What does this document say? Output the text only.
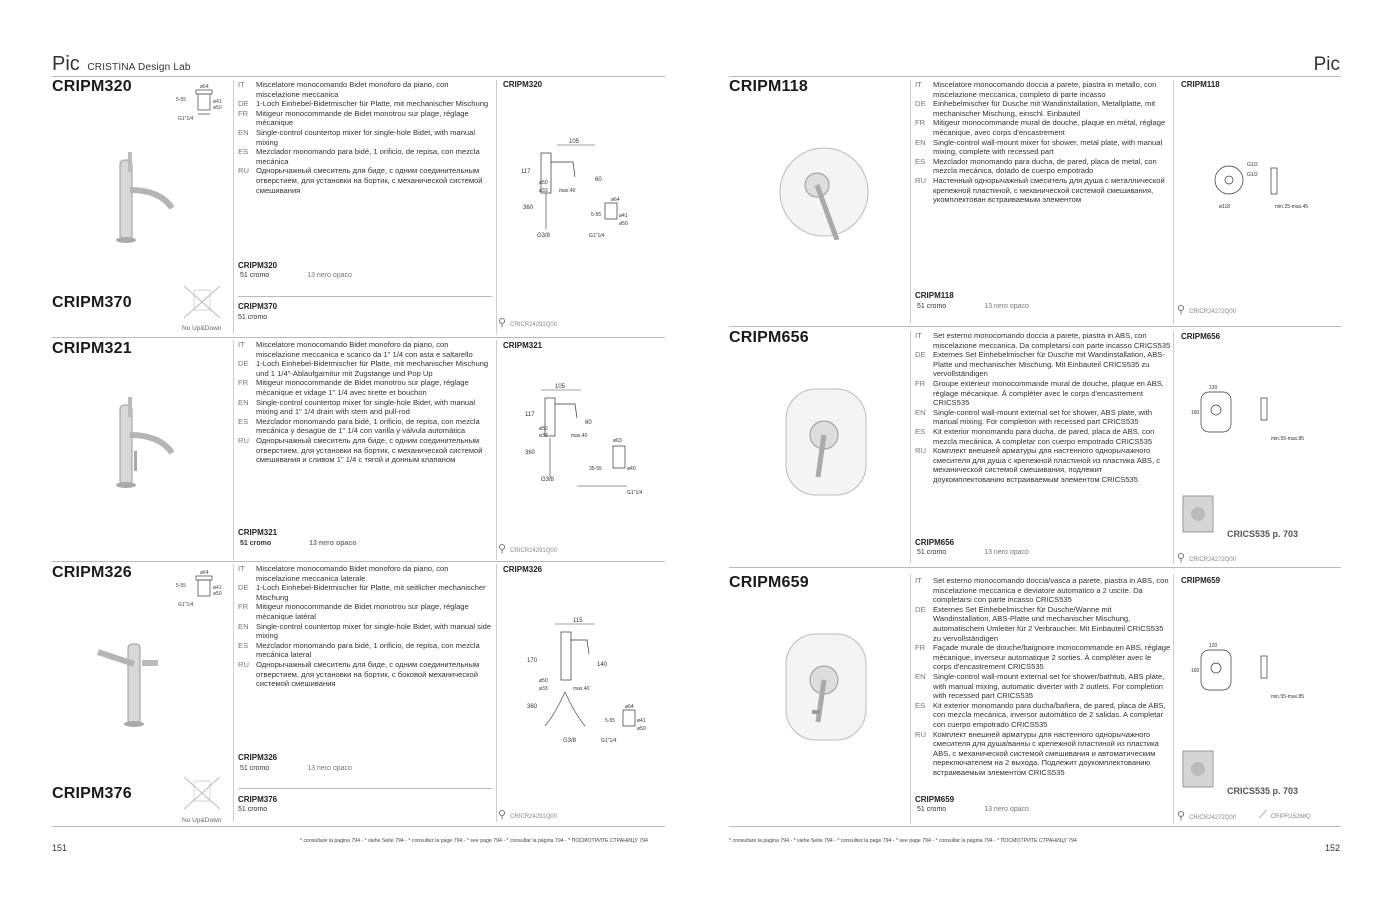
Pic CRISTINA Design Lab
CRIPM320	ø64
5-55	ø41
ø50
G1"1/4
IT	Miscelatore monocomando Bidet monoforo da piano, con miscelazione meccanica
DE 1-Loch Einhebel-Bidetmischer für Platte, mit mechanischer Mischung
FR	Mitigeur monocommande de Bidet monotrou sur plage, réglage mécanique
EN Single-control countertop mixer for single-hole Bidet, with manual mixing
ES	Mezclador monomando para bidé, 1 orificio, de repisa, con mezcla mecánica
RU Однорычажный смеситель для биде, с одним соединительным отверстием, для установки на бортик, с механической системой смешивания
CRIPM320
51 cromo	13 nero opaco
CRIPM320
105
117
60
ø50
ø33 max.40
360
G3/8
ø64
5-55	ø41
ø50
G1"1/4
CRIPM370
No Up&Down
CRIPM370
51 cromo	⚲ CRICR24291Q00
CRIPM321	IT	Miscelatore monocomando Bidet monoforo da piano, con miscelazione meccanica e scarico da 1" 1/4 con asta e saltarello
DE 1-Loch Einhebel-Bidetmischer für Platte, mit mechanischer Mischung und 1 1/4"-Ablaufgarnitur mit Zugstange und Pop Up
FR	Mitigeur monocommande de Bidet monotrou sur plage, réglage mécanique et vidage 1" 1/4 avec tirette et bouchon
EN Single-control countertop mixer for single-hole Bidet, with manual mixing and 1" 1/4 drain with stem and pull-rod
ES	Mezclador monomando para bidé, 1 orificio, de repisa, con mezcla mecánica y desagüe de 1" 1/4 con varilla y válvula automática
RU Однорычажный смеситель для биде, с одним соединительным отверстием, для установки на бортик, с механической системой смешивания и сливом 1" 1/4 с тягой и донным клапаном
CRIPM321
51 cromo	13 nero opaco
CRIPM321
105
117
60
ø50
ø33	max.40
360
G3/8
ø63
35-55	ø40
G1"1/4
⚲ CRICR24291Q00
CRIPM326	ø64
5-55	ø41
ø50
G1"1/4
IT	Miscelatore monocomando Bidet monoforo da piano, con miscelazione meccanica laterale
DE 1-Loch Einhebel-Bidetmischer für Platte, mit seitlicher mechanischer Mischung
FR	Mitigeur monocommande de Bidet monotrou sur plage, réglage mécanique latéral
EN Single-control countertop mixer for single-hole Bidet, with manual side mixing
ES	Mezclador monomando para bidé, 1 orificio, de repisa, con mezcla mecánica lateral
RU Однорычажный смеситель для биде, с одним соединительным отверстием, для установки на бортик, с боковой механической системой смешивания
CRIPM326
51 cromo	13 nero opaco
CRIPM326
115
170
140
ø50
ø33	max.40
360
G3/8
ø64
5-55	ø41
ø50
G1"1/4
CRIPM376
No Up&Down
CRIPM376
51 cromo	⚲ CRICR24291Q00
* consultare la pagina 794 - * siehe Seite 794 - * consultez la page 794 - * see page 794 - * consultar la página 794 - * ПОСМОТРИТЕ СТРАНИЦУ 794
151
Pic
CRIPM118	IT	Miscelatore monocomando doccia a parete, piastra in metallo, con miscelazione meccanica, completo di parte incasso
DE Einhebelmischer für Dusche mit Wandinstallation, Metallplatte, mit mechanischer Mischung, einschl. Einbauteil
FR	Mitigeur monocommande mural de douche, plaque en métal, réglage mécanique, avec corps d'encastrement
EN Single-control wall-mount mixer for shower, metal plate, with manual mixing, complete with recessed part
ES	Mezclador monomando para ducha, de pared, placa de metal, con mezcla mecánica, dotado de cuerpo empotrado
RU Настенный однорычажный смеситель для душа с металлической крепежной пластиной, с механической системой смешивания, укомплектован встраиваемым элементом
CRIPM118
51 cromo	13 nero opaco
CRIPM118
G1/2
G1/2
ø118	min.25-max.45
⚲ CRICR24272Q00
CRIPM656	IT	Set esterno monocomando doccia a parete, piastra in ABS, con miscelazione meccanica. Da completarsi con parte incasso CRICS535
DE Externes Set Einhebelmischer für Dusche mit Wandinstallation, ABS-Platte und mechanischer Mischung. Mit Einbauteil CRICS535 zu vervollständigen
FR	Groupe extérieur monocommande mural de douche, plaque en ABS, réglage mécanique. À compléter avec le corps d'encastrement CRICS535
EN Single-control wall-mount external set for shower, ABS plate, with manual mixing. For completion with recessed part CRICS535
ES	Kit exterior monomando para ducha, de pared, placa de ABS, con mezcla mecánica. A completar con cuerpo empotrado CRICS535
RU Комплект внешней арматуры для настенного однорычажного смесителя для душа с крепежной пластиной из пластика ABS, с механической системой смешивания, подлежит доукомплектованию встраиваемым элементом CRICS535
CRIPM656
51 cromo	13 nero opaco
CRIPM656
120
160
min.55-max.85
CRICS535 p. 703
⚲ CRICR24272Q00
CRIPM659	IT	Set esterno monocomando doccia/vasca a parete, piastra in ABS, con miscelazione meccanica e deviatore automatico a 2 uscite. Da completarsi con parte incasso CRICS535
DE Externes Set Einhebelmischer für Dusche/Wanne mit Wandinstallation, ABS-Platte und mechanischer Mischung, automatischem Umleiter für 2 Verbraucher. Mit Einbauteil CRICS535 zu vervollständigen
FR	Façade murale de douche/baignoire monocommande en ABS, réglage mécanique, inverseur automatique 2 sorties. À compléter avec le corps d'encastrement CRICS535
EN Single-control wall-mount external set for shower/bathtub, ABS plate, with manual mixing, automatic diverter with 2 outlets. For completion with recessed part CRICS535
ES	Kit exterior monomando para ducha/bañera, de pared, placa de ABS, con mezcla mecánica, inversor automático de 2 salidas. A completar con cuerpo empotrado CRICS535
RU Комплект внешней арматуры для настенного однорычажного смесителя для душа/ванны с крепежной пластиной из пластика ABS, с механической системой смешивания и автоматическим переключателем на 2 выхода. Подлежит доукомплектованию встраиваемым элементом CRICS535
CRIPM659
51 cromo	13 nero opaco
CRIPM659
120
160
min.55-max.85
CRICS535 p. 703
⚲ CRICR24272Q00 ⟋ CRIPR15268Q
* consultare la pagina 794 - * siehe Seite 794 - * consultez la page 794 - * see page 794 - * consultar la página 794 - * ПОСМОТРИТЕ СТРАНИЦУ 794
152
